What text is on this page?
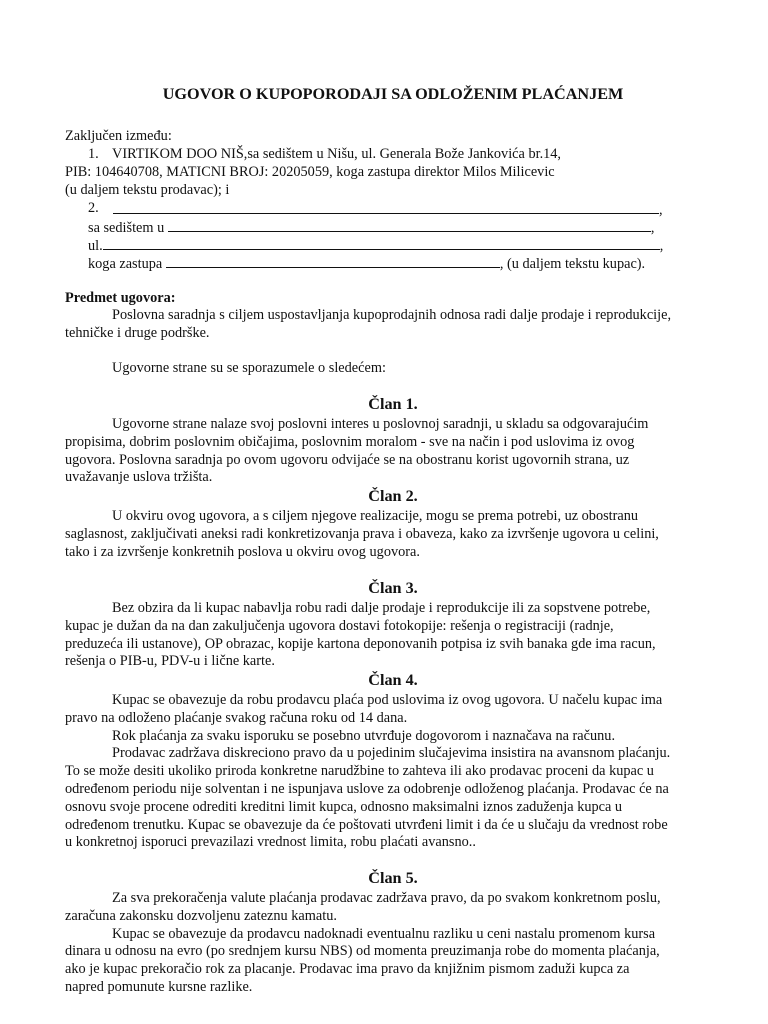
UGOVOR O KUPOPORODAJI SA ODLOŽENIM PLAĆANJEM
Zaključen između:
1. VIRTIKOM DOO NIŠ,sa sedištem u Nišu, ul. Generala Bože Jankovića br.14,
PIB: 104640708, MATICNI BROJ: 20205059, koga zastupa direktor Milos Milicevic
(u daljem tekstu prodavac); i
2.	,
sa sedištem u	,
ul.	,
koga zastupa	, (u daljem tekstu kupac).
Predmet ugovora:
Poslovna saradnja s ciljem uspostavljanja kupoprodajnih odnosa radi dalje prodaje i reprodukcije,
tehničke i druge podrške.
Ugovorne strane su se sporazumele o sledećem:
Član 1.
Ugovorne strane nalaze svoj poslovni interes u poslovnoj saradnji, u skladu sa odgovarajućim
propisima, dobrim poslovnim običajima, poslovnim moralom - sve na način i pod uslovima iz ovog
ugovora. Poslovna saradnja po ovom ugovoru odvijaće se na obostranu korist ugovornih strana, uz
uvažavanje uslova tržišta.
Član 2.
U okviru ovog ugovora, a s ciljem njegove realizacije, mogu se prema potrebi, uz obostranu
saglasnost, zaključivati aneksi radi konkretizovanja prava i obaveza, kako za izvršenje ugovora u celini,
tako i za izvršenje konkretnih poslova u okviru ovog ugovora.
Član 3.
Bez obzira da li kupac nabavlja robu radi dalje prodaje i reprodukcije ili za sopstvene potrebe,
kupac je dužan da na dan zakuljučenja ugovora dostavi fotokopije: rešenja o registraciji (radnje,
preduzeća ili ustanove), OP obrazac, kopije kartona deponovanih potpisa iz svih banaka gde ima racun,
rešenja o PIB-u, PDV-u i lične karte.
Član 4.
Kupac se obavezuje da robu prodavcu plaća pod uslovima iz ovog ugovora. U načelu kupac ima
pravo na odloženo plaćanje svakog računa roku od 14 dana.
Rok plaćanja za svaku isporuku se posebno utvrđuje dogovorom i naznačava na računu.
Prodavac zadržava diskreciono pravo da u pojedinim slučajevima insistira na avansnom plaćanju.
To se može desiti ukoliko priroda konkretne narudžbine to zahteva ili ako prodavac proceni da kupac u
određenom periodu nije solventan i ne ispunjava uslove za odobrenje odloženog plaćanja. Prodavac će na
osnovu svoje procene odrediti kreditni limit kupca, odnosno maksimalni iznos zaduženja kupca u
određenom trenutku. Kupac se obavezuje da će poštovati utvrđeni limit i da će u slučaju da vrednost robe
u konkretnoj isporuci prevazilazi vrednost limita, robu plaćati avansno..
Član 5.
Za sva prekoračenja valute plaćanja prodavac zadržava pravo, da po svakom konkretnom poslu,
zaračuna zakonsku dozvoljenu zateznu kamatu.
Kupac se obavezuje da prodavcu nadoknadi eventualnu razliku u ceni nastalu promenom kursa
dinara u odnosu na evro (po srednjem kursu NBS) od momenta preuzimanja robe do momenta plaćanja,
ako je kupac prekoračio rok za placanje. Prodavac ima pravo da knjižnim pismom zaduži kupca za
napred pomunute kursne razlike.
